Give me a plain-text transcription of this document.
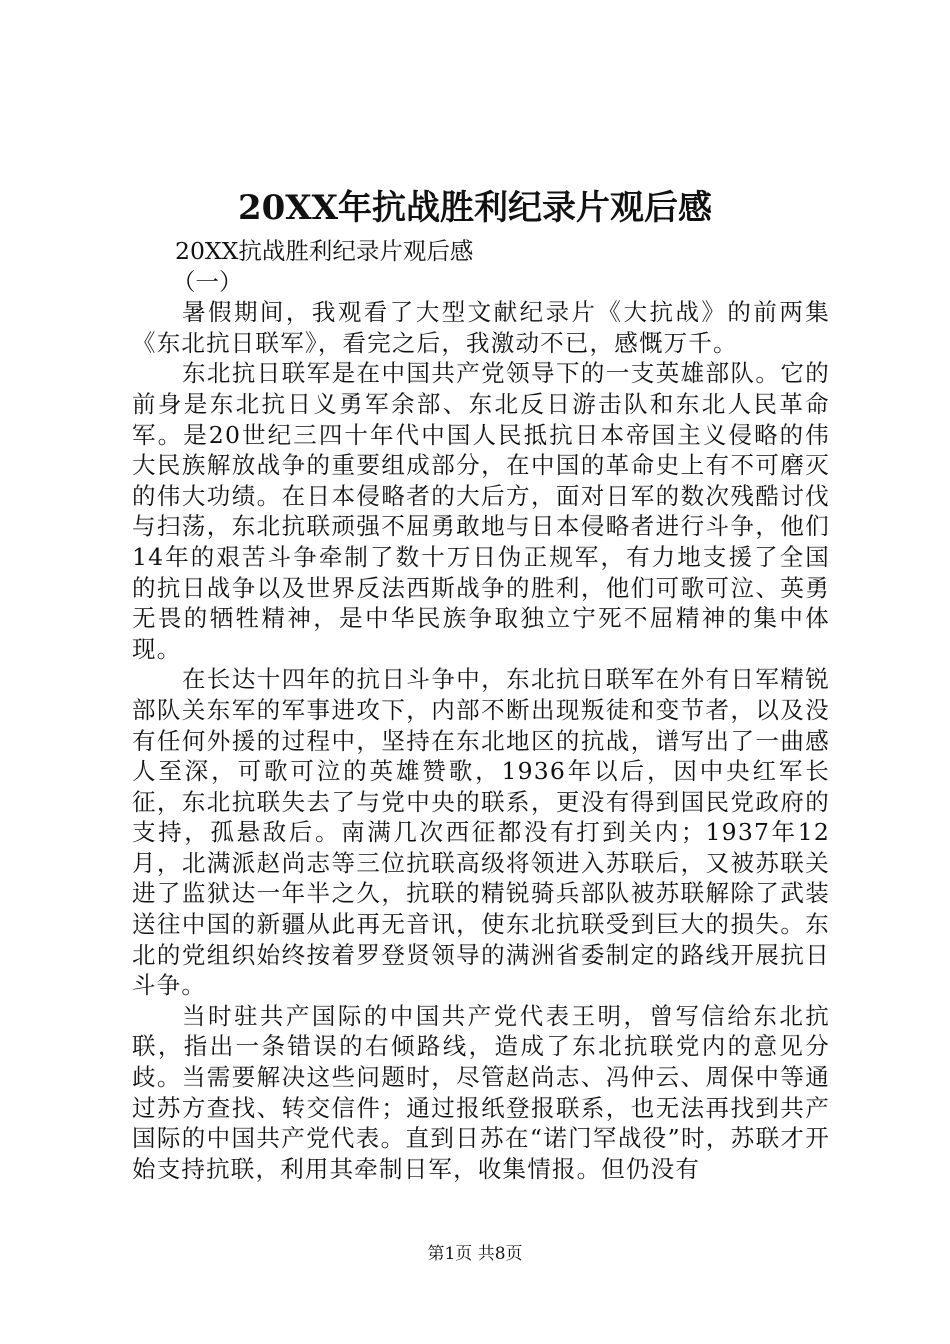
20XX年抗战胜利纪录片观后感

20XX抗战胜利纪录片观后感

（一）

暑假期间，我观看了大型文献纪录片《大抗战》的前两集《东北抗日联军》，看完之后，我激动不已，感慨万千。

东北抗日联军是在中国共产党领导下的一支英雄部队。它的前身是东北抗日义勇军余部、东北反日游击队和东北人民革命军。是20世纪三四十年代中国人民抵抗日本帝国主义侵略的伟大民族解放战争的重要组成部分，在中国的革命史上有不可磨灭的伟大功绩。在日本侵略者的大后方，面对日军的数次残酷讨伐与扫荡，东北抗联顽强不屈勇敢地与日本侵略者进行斗争，他们14年的艰苦斗争牵制了数十万日伪正规军，有力地支援了全国的抗日战争以及世界反法西斯战争的胜利，他们可歌可泣、英勇无畏的牺牲精神，是中华民族争取独立宁死不屈精神的集中体现。

在长达十四年的抗日斗争中，东北抗日联军在外有日军精锐部队关东军的军事进攻下，内部不断出现叛徒和变节者，以及没有任何外援的过程中，坚持在东北地区的抗战，谱写出了一曲感人至深，可歌可泣的英雄赞歌，1936年以后，因中央红军长征，东北抗联失去了与党中央的联系，更没有得到国民党政府的支持，孤悬敌后。南满几次西征都没有打到关内；1937年12月，北满派赵尚志等三位抗联高级将领进入苏联后，又被苏联关进了监狱达一年半之久，抗联的精锐骑兵部队被苏联解除了武装送往中国的新疆从此再无音讯，使东北抗联受到巨大的损失。东北的党组织始终按着罗登贤领导的满洲省委制定的路线开展抗日斗争。

当时驻共产国际的中国共产党代表王明，曾写信给东北抗联，指出一条错误的右倾路线，造成了东北抗联党内的意见分歧。当需要解决这些问题时，尽管赵尚志、冯仲云、周保中等通过苏方查找、转交信件；通过报纸登报联系，也无法再找到共产国际的中国共产党代表。直到日苏在“诺门罕战役”时，苏联才开始支持抗联，利用其牵制日军，收集情报。但仍没有

第1页 共8页
